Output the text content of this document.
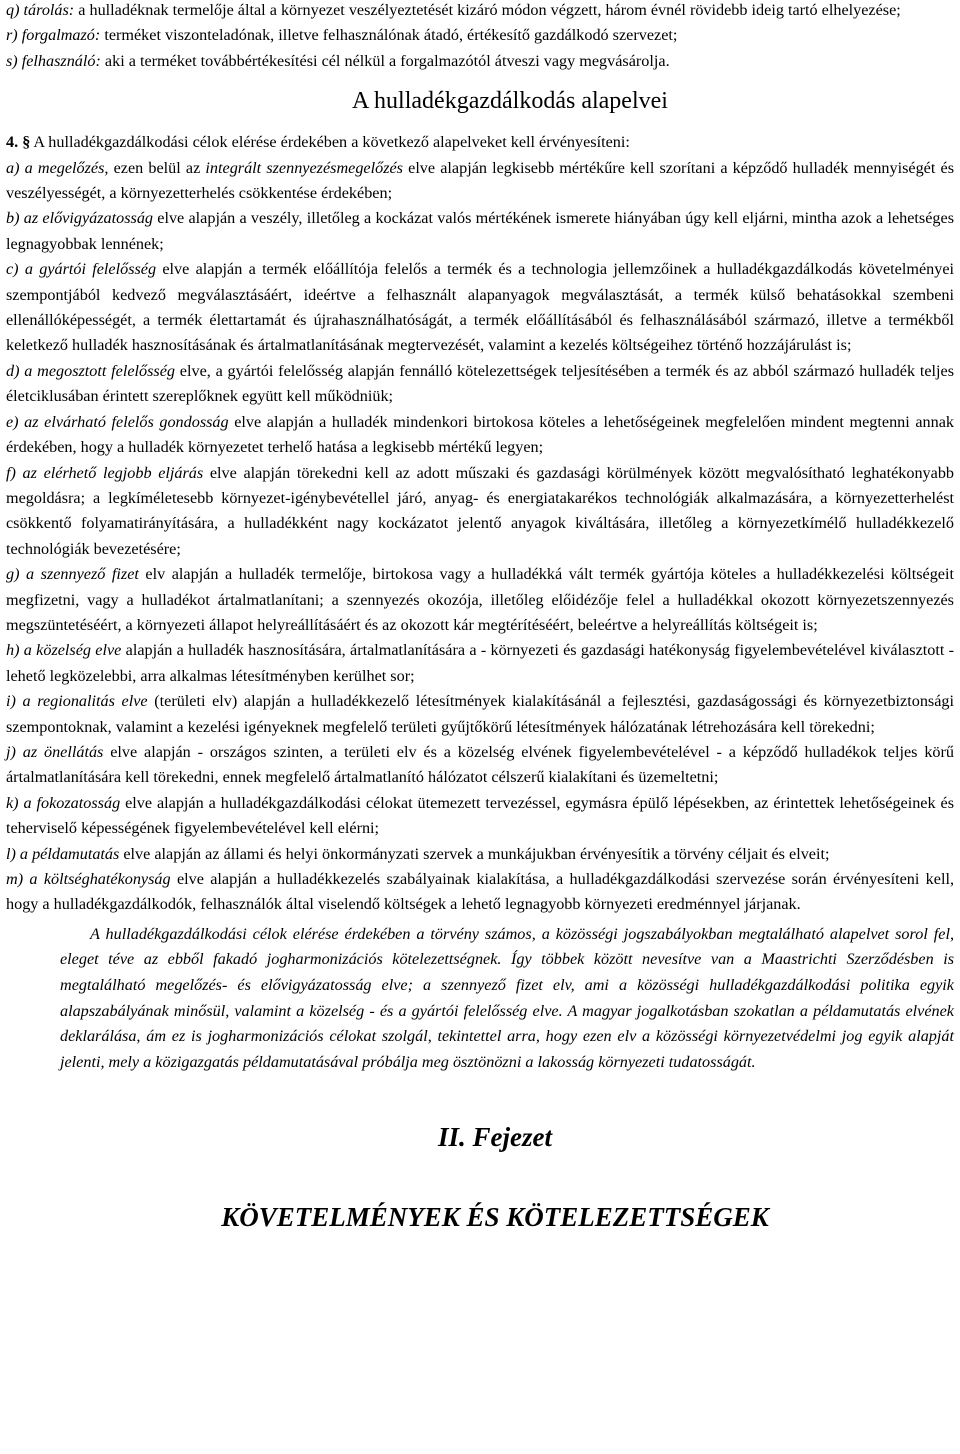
q) tárolás: a hulladéknak termelője által a környezet veszélyeztetését kizáró módon végzett, három évnél rövidebb ideig tartó elhelyezése;

r) forgalmazó: terméket viszonteladónak, illetve felhasználónak átadó, értékesítő gazdálkodó szervezet;

s) felhasználó: aki a terméket továbbértékesítési cél nélkül a forgalmazótól átveszi vagy megvásárolja.

A hulladékgazdálkodás alapelvei

4. § A hulladékgazdálkodási célok elérése érdekében a következő alapelveket kell érvényesíteni:

a) a megelőzés, ezen belül az integrált szennyezésmegelőzés elve alapján legkisebb mértékűre kell szorítani a képződő hulladék mennyiségét és veszélyességét, a környezetterhelés csökkentése érdekében;

b) az elővigyázatosság elve alapján a veszély, illetőleg a kockázat valós mértékének ismerete hiányában úgy kell eljárni, mintha azok a lehetséges legnagyobbak lennének;

c) a gyártói felelősség elve alapján a termék előállítója felelős a termék és a technologia jellemzőinek a hulladékgazdálkodás követelményei szempontjából kedvező megválasztásáért, ideértve a felhasznált alapanyagok megválasztását, a termék külső behatásokkal szembeni ellenállóképességét, a termék élettartamát és újrahasználhatóságát, a termék előállításából és felhasználásából származó, illetve a termékből keletkező hulladék hasznosításának és ártalmatlanításának megtervezését, valamint a kezelés költségeihez történő hozzájárulást is;

d) a megosztott felelősség elve, a gyártói felelősség alapján fennálló kötelezettségek teljesítésében a termék és az abból származó hulladék teljes életciklusában érintett szereplőknek együtt kell működniük;

e) az elvárható felelős gondosság elve alapján a hulladék mindenkori birtokosa köteles a lehetőségeinek megfelelően mindent megtenni annak érdekében, hogy a hulladék környezetet terhelő hatása a legkisebb mértékű legyen;

f) az elérhető legjobb eljárás elve alapján törekedni kell az adott műszaki és gazdasági körülmények között megvalósítható leghatékonyabb megoldásra; a legkíméletesebb környezet-igénybevétellel járó, anyag- és energiatakarékos technológiák alkalmazására, a környezetterhelést csökkentő folyamatirányítására, a hulladékként nagy kockázatot jelentő anyagok kiváltására, illetőleg a környezetkímélő hulladékkezelő technológiák bevezetésére;

g) a szennyező fizet elv alapján a hulladék termelője, birtokosa vagy a hulladékká vált termék gyártója köteles a hulladékkezelési költségeit megfizetni, vagy a hulladékot ártalmatlanítani; a szennyezés okozója, illetőleg előidézője felel a hulladékkal okozott környezetszennyezés megszüntetéséért, a környezeti állapot helyreállításáért és az okozott kár megtérítéséért, beleértve a helyreállítás költségeit is;

h) a közelség elve alapján a hulladék hasznosítására, ártalmatlanítására a - környezeti és gazdasági hatékonyság figyelembevételével kiválasztott - lehető legközelebbi, arra alkalmas létesítményben kerülhet sor;

i) a regionalitás elve (területi elv) alapján a hulladékkezelő létesítmények kialakításánál a fejlesztési, gazdaságossági és környezetbiztonsági szempontoknak, valamint a kezelési igényeknek megfelelő területi gyűjtőkörű létesítmények hálózatának létrehozására kell törekedni;

j) az önellátás elve alapján - országos szinten, a területi elv és a közelség elvének figyelembevételével - a képződő hulladékok teljes körű ártalmatlanítására kell törekedni, ennek megfelelő ártalmatlanító hálózatot célszerű kialakítani és üzemeltetni;

k) a fokozatosság elve alapján a hulladékgazdálkodási célokat ütemezett tervezéssel, egymásra épülő lépésekben, az érintettek lehetőségeinek és teherviselő képességének figyelembevételével kell elérni;

l) a példamutatás elve alapján az állami és helyi önkormányzati szervek a munkájukban érvényesítik a törvény céljait és elveit;

m) a költséghatékonyság elve alapján a hulladékkezelés szabályainak kialakítása, a hulladékgazdálkodási szervezése során érvényesíteni kell, hogy a hulladékgazdálkodók, felhasználók által viselendő költségek a lehető legnagyobb környezeti eredménnyel járjanak.

A hulladékgazdálkodási célok elérése érdekében a törvény számos, a közösségi jogszabályokban megtalálható alapelvet sorol fel, eleget téve az ebből fakadó jogharmonizációs kötelezettségnek. Így többek között nevesítve van a Maastrichti Szerződésben is megtalálható megelőzés- és elővigyázatosság elve; a szennyező fizet elv, ami a közösségi hulladékgazdálkodási politika egyik alapszabályának minősül, valamint a közelség - és a gyártói felelősség elve. A magyar jogalkotásban szokatlan a példamutatás elvének deklarálása, ám ez is jogharmonizációs célokat szolgál, tekintettel arra, hogy ezen elv a közösségi környezetvédelmi jog egyik alapját jelenti, mely a közigazgatás példamutatásával próbálja meg ösztönözni a lakosság környezeti tudatosságát.

II. Fejezet
KÖVETELMÉNYEK ÉS KÖTELEZETTSÉGEK
